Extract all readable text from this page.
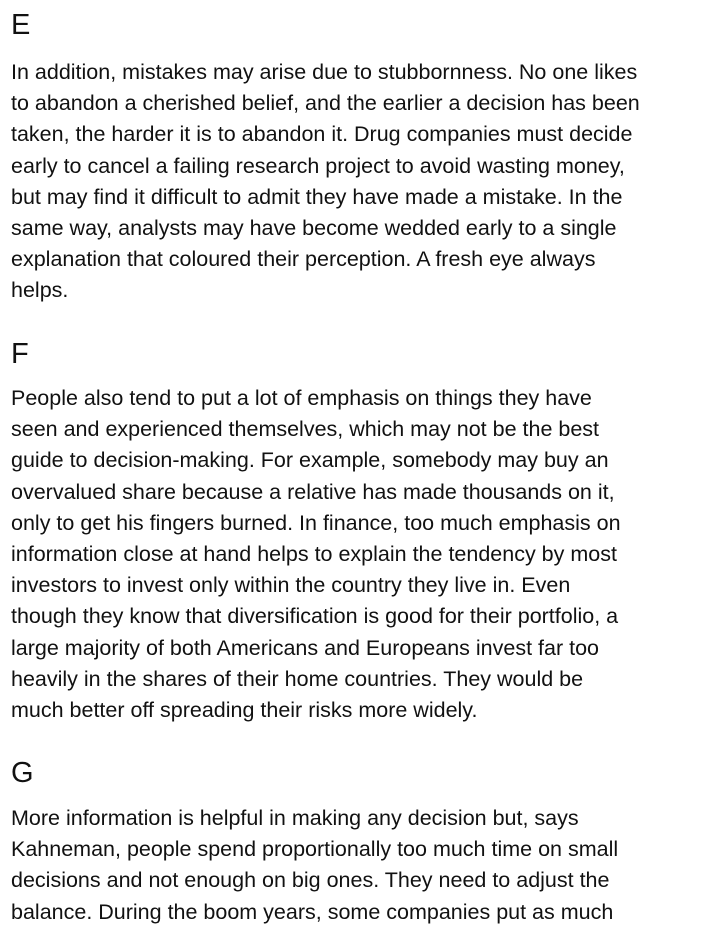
E
In addition, mistakes may arise due to stubbornness. No one likes
to abandon a cherished belief, and the earlier a decision has been
taken, the harder it is to abandon it. Drug companies must decide
early to cancel a failing research project to avoid wasting money,
but may find it difficult to admit they have made a mistake. In the
same way, analysts may have become wedded early to a single
explanation that coloured their perception. A fresh eye always
helps.
F
People also tend to put a lot of emphasis on things they have
seen and experienced themselves, which may not be the best
guide to decision-making. For example, somebody may buy an
overvalued share because a relative has made thousands on it,
only to get his fingers burned. In finance, too much emphasis on
information close at hand helps to explain the tendency by most
investors to invest only within the country they live in. Even
though they know that diversification is good for their portfolio, a
large majority of both Americans and Europeans invest far too
heavily in the shares of their home countries. They would be
much better off spreading their risks more widely.
G
More information is helpful in making any decision but, says
Kahneman, people spend proportionally too much time on small
decisions and not enough on big ones. They need to adjust the
balance. During the boom years, some companies put as much
